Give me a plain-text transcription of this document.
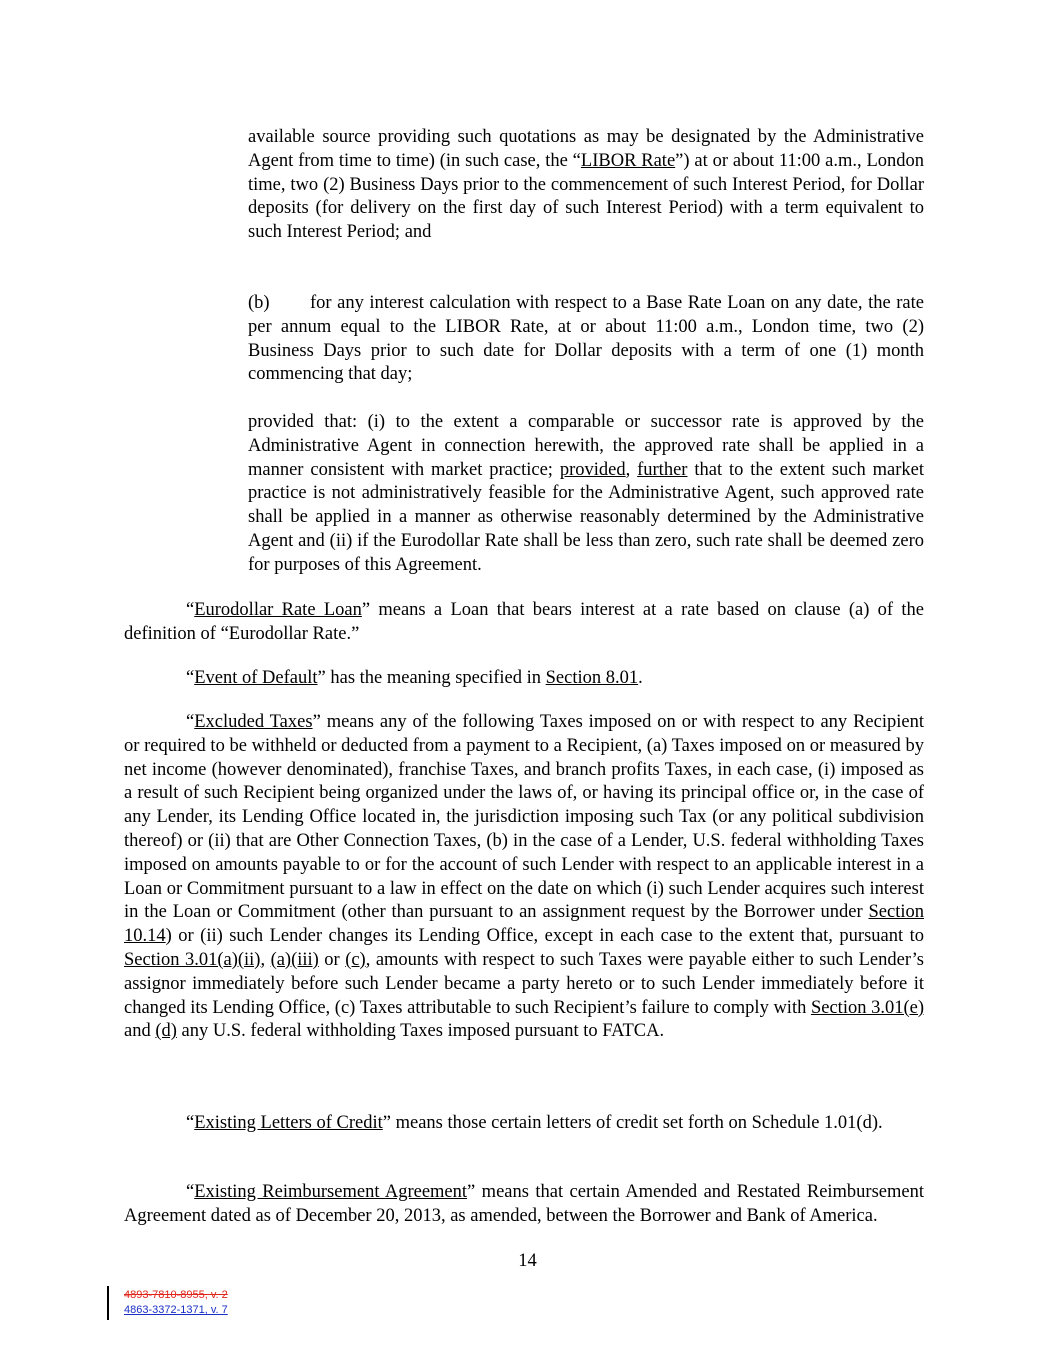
available source providing such quotations as may be designated by the Administrative Agent from time to time) (in such case, the “LIBOR Rate”) at or about 11:00 a.m., London time, two (2) Business Days prior to the commencement of such Interest Period, for Dollar deposits (for delivery on the first day of such Interest Period) with a term equivalent to such Interest Period; and

(b) for any interest calculation with respect to a Base Rate Loan on any date, the rate per annum equal to the LIBOR Rate, at or about 11:00 a.m., London time, two (2) Business Days prior to such date for Dollar deposits with a term of one (1) month commencing that day;

provided that: (i) to the extent a comparable or successor rate is approved by the Administrative Agent in connection herewith, the approved rate shall be applied in a manner consistent with market practice; provided, further that to the extent such market practice is not administratively feasible for the Administrative Agent, such approved rate shall be applied in a manner as otherwise reasonably determined by the Administrative Agent and (ii) if the Eurodollar Rate shall be less than zero, such rate shall be deemed zero for purposes of this Agreement.

“Eurodollar Rate Loan” means a Loan that bears interest at a rate based on clause (a) of the definition of “Eurodollar Rate.”

“Event of Default” has the meaning specified in Section 8.01.

“Excluded Taxes” means any of the following Taxes imposed on or with respect to any Recipient or required to be withheld or deducted from a payment to a Recipient, (a) Taxes imposed on or measured by net income (however denominated), franchise Taxes, and branch profits Taxes, in each case, (i) imposed as a result of such Recipient being organized under the laws of, or having its principal office or, in the case of any Lender, its Lending Office located in, the jurisdiction imposing such Tax (or any political subdivision thereof) or (ii) that are Other Connection Taxes, (b) in the case of a Lender, U.S. federal withholding Taxes imposed on amounts payable to or for the account of such Lender with respect to an applicable interest in a Loan or Commitment pursuant to a law in effect on the date on which (i) such Lender acquires such interest in the Loan or Commitment (other than pursuant to an assignment request by the Borrower under Section 10.14) or (ii) such Lender changes its Lending Office, except in each case to the extent that, pursuant to Section 3.01(a)(ii), (a)(iii) or (c), amounts with respect to such Taxes were payable either to such Lender’s assignor immediately before such Lender became a party hereto or to such Lender immediately before it changed its Lending Office, (c) Taxes attributable to such Recipient’s failure to comply with Section 3.01(e) and (d) any U.S. federal withholding Taxes imposed pursuant to FATCA.

“Existing Letters of Credit” means those certain letters of credit set forth on Schedule 1.01(d).

“Existing Reimbursement Agreement” means that certain Amended and Restated Reimbursement Agreement dated as of December 20, 2013, as amended, between the Borrower and Bank of America.

14
4893-7810-8955, v. 2
4863-3372-1371, v. 7
